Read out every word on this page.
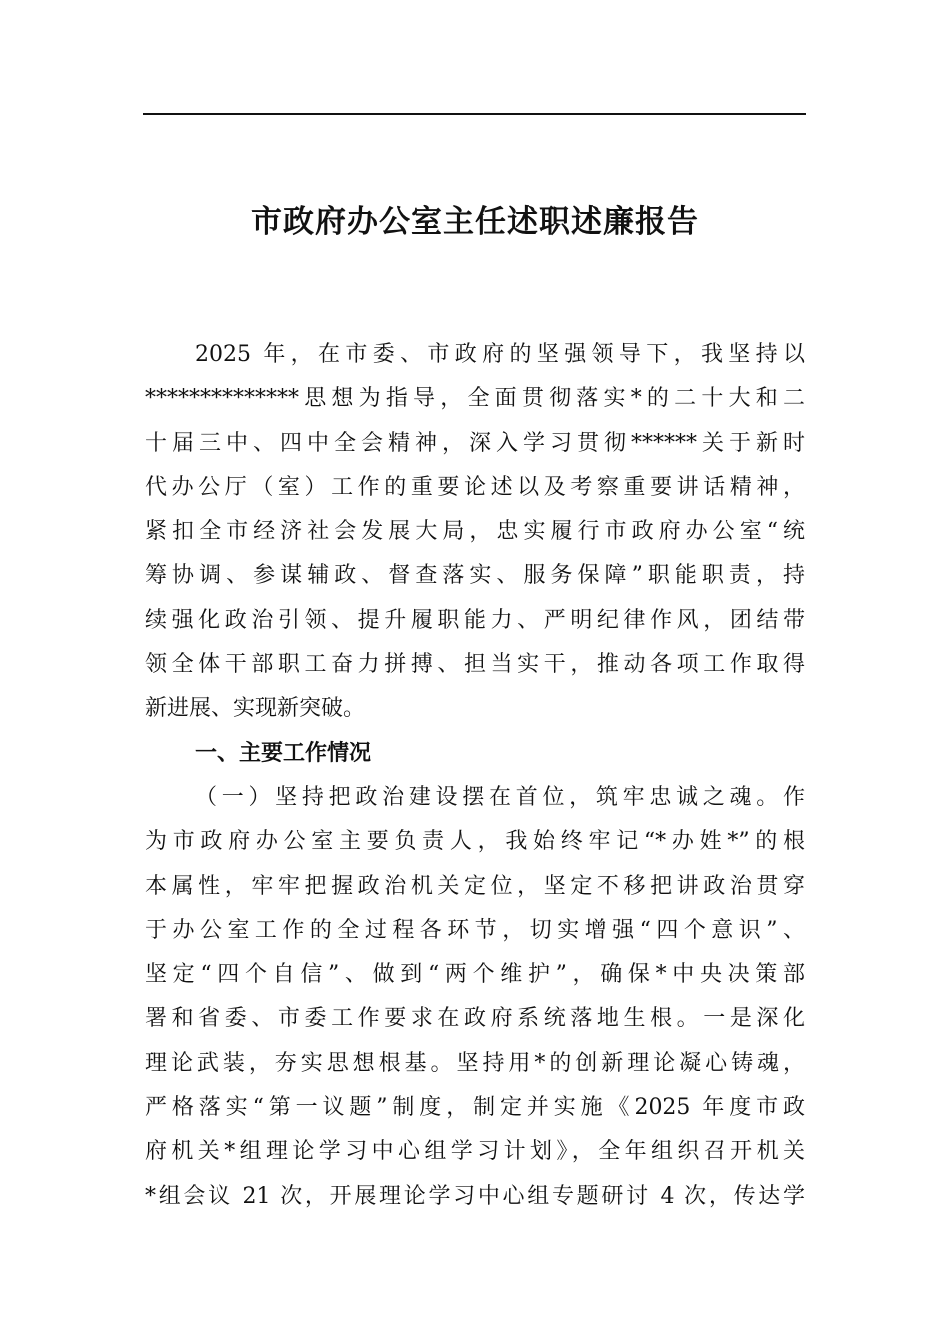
市政府办公室主任述职述廉报告
2025 年，在市委、市政府的坚强领导下，我坚持以
**************思想为指导，全面贯彻落实*的二十大和二
十届三中、四中全会精神，深入学习贯彻******关于新时
代办公厅（室）工作的重要论述以及考察重要讲话精神，
紧扣全市经济社会发展大局，忠实履行市政府办公室“统
筹协调、参谋辅政、督查落实、服务保障”职能职责，持
续强化政治引领、提升履职能力、严明纪律作风，团结带
领全体干部职工奋力拼搏、担当实干，推动各项工作取得
新进展、实现新突破。
一、主要工作情况
（一）坚持把政治建设摆在首位，筑牢忠诚之魂。作
为市政府办公室主要负责人，我始终牢记“*办姓*”的根
本属性，牢牢把握政治机关定位，坚定不移把讲政治贯穿
于办公室工作的全过程各环节，切实增强“四个意识”、
坚定“四个自信”、做到“两个维护”，确保*中央决策部
署和省委、市委工作要求在政府系统落地生根。一是深化
理论武装，夯实思想根基。坚持用*的创新理论凝心铸魂，
严格落实“第一议题”制度，制定并实施《2025 年度市政
府机关*组理论学习中心组学习计划》，全年组织召开机关
*组会议 21 次，开展理论学习中心组专题研讨 4 次，传达学
